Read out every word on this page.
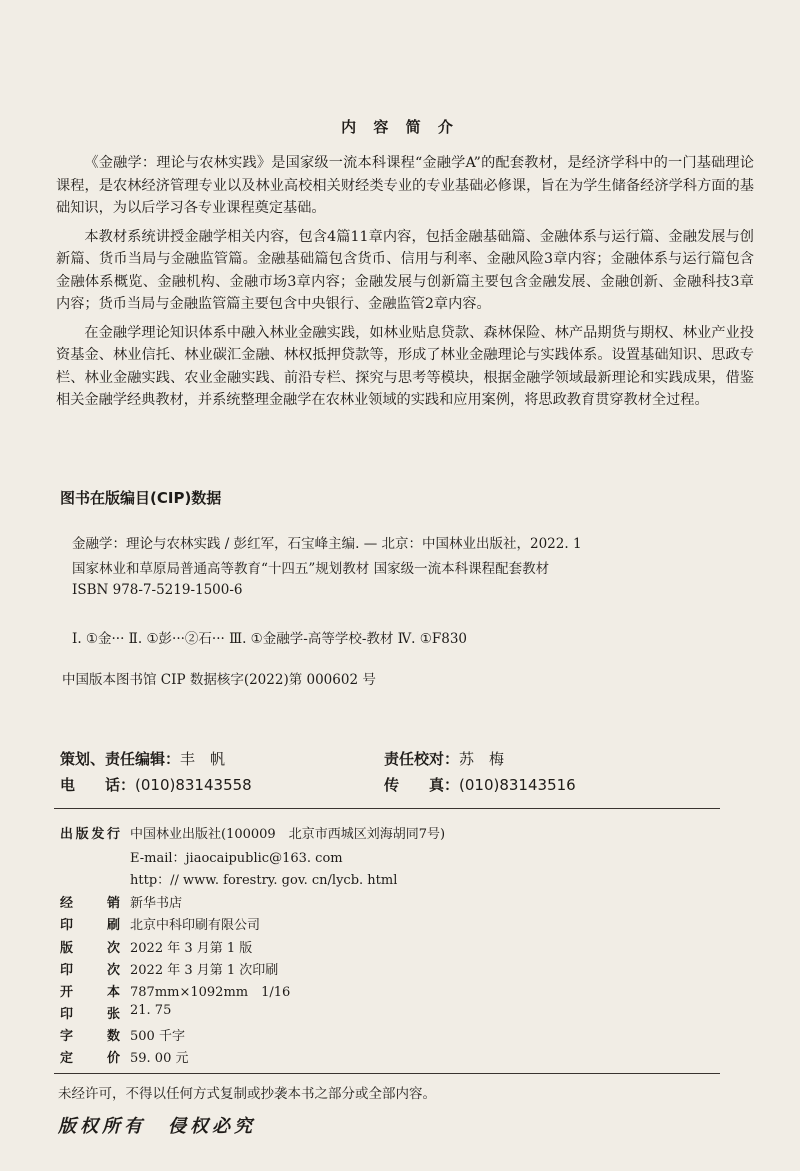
内 容 简 介

《金融学：理论与农林实践》是国家级一流本科课程“金融学A”的配套教材，是经济学科中的一门基础理论课程，是农林经济管理专业以及林业高校相关财经类专业的专业基础必修课，旨在为学生储备经济学科方面的基础知识，为以后学习各专业课程奠定基础。

本教材系统讲授金融学相关内容，包含4篇11章内容，包括金融基础篇、金融体系与运行篇、金融发展与创新篇、货币当局与金融监管篇。金融基础篇包含货币、信用与利率、金融风险3章内容；金融体系与运行篇包含金融体系概览、金融机构、金融市场3章内容；金融发展与创新篇主要包含金融发展、金融创新、金融科技3章内容；货币当局与金融监管篇主要包含中央银行、金融监管2章内容。

在金融学理论知识体系中融入林业金融实践，如林业贴息贷款、森林保险、林产品期货与期权、林业产业投资基金、林业信托、林业碳汇金融、林权抵押贷款等，形成了林业金融理论与实践体系。设置基础知识、思政专栏、林业金融实践、农业金融实践、前沿专栏、探究与思考等模块，根据金融学领域最新理论和实践成果，借鉴相关金融学经典教材，并系统整理金融学在农林业领域的实践和应用案例，将思政教育贯穿教材全过程。

图书在版编目(CIP)数据
金融学：理论与农林实践 / 彭红军，石宝峰主编. — 北京：中国林业出版社，2022. 1
国家林业和草原局普通高等教育“十四五”规划教材 国家级一流本科课程配套教材
ISBN 978-7-5219-1500-6
Ⅰ. ①金··· Ⅱ. ①彭···②石··· Ⅲ. ①金融学-高等学校-教材 Ⅳ. ①F830
中国版本图书馆 CIP 数据核字(2022)第 000602 号
策划、责任编辑：丰　帆	责任校对：苏　梅
电　　话：(010)83143558	传　　真：(010)83143516
出版发行 中国林业出版社(100009　北京市西城区刘海胡同7号)
E-mail：jiaocaipublic@163. com
http：// www. forestry. gov. cn/lycb. html
经销 新华书店
印刷 北京中科印刷有限公司
版次 2022 年 3 月第 1 版
印次 2022 年 3 月第 1 次印刷
开本 787mm×1092mm　1/16
印张 21. 75
字数 500 千字
定价 59. 00 元
未经许可，不得以任何方式复制或抄袭本书之部分或全部内容。
版权所有　侵权必究
